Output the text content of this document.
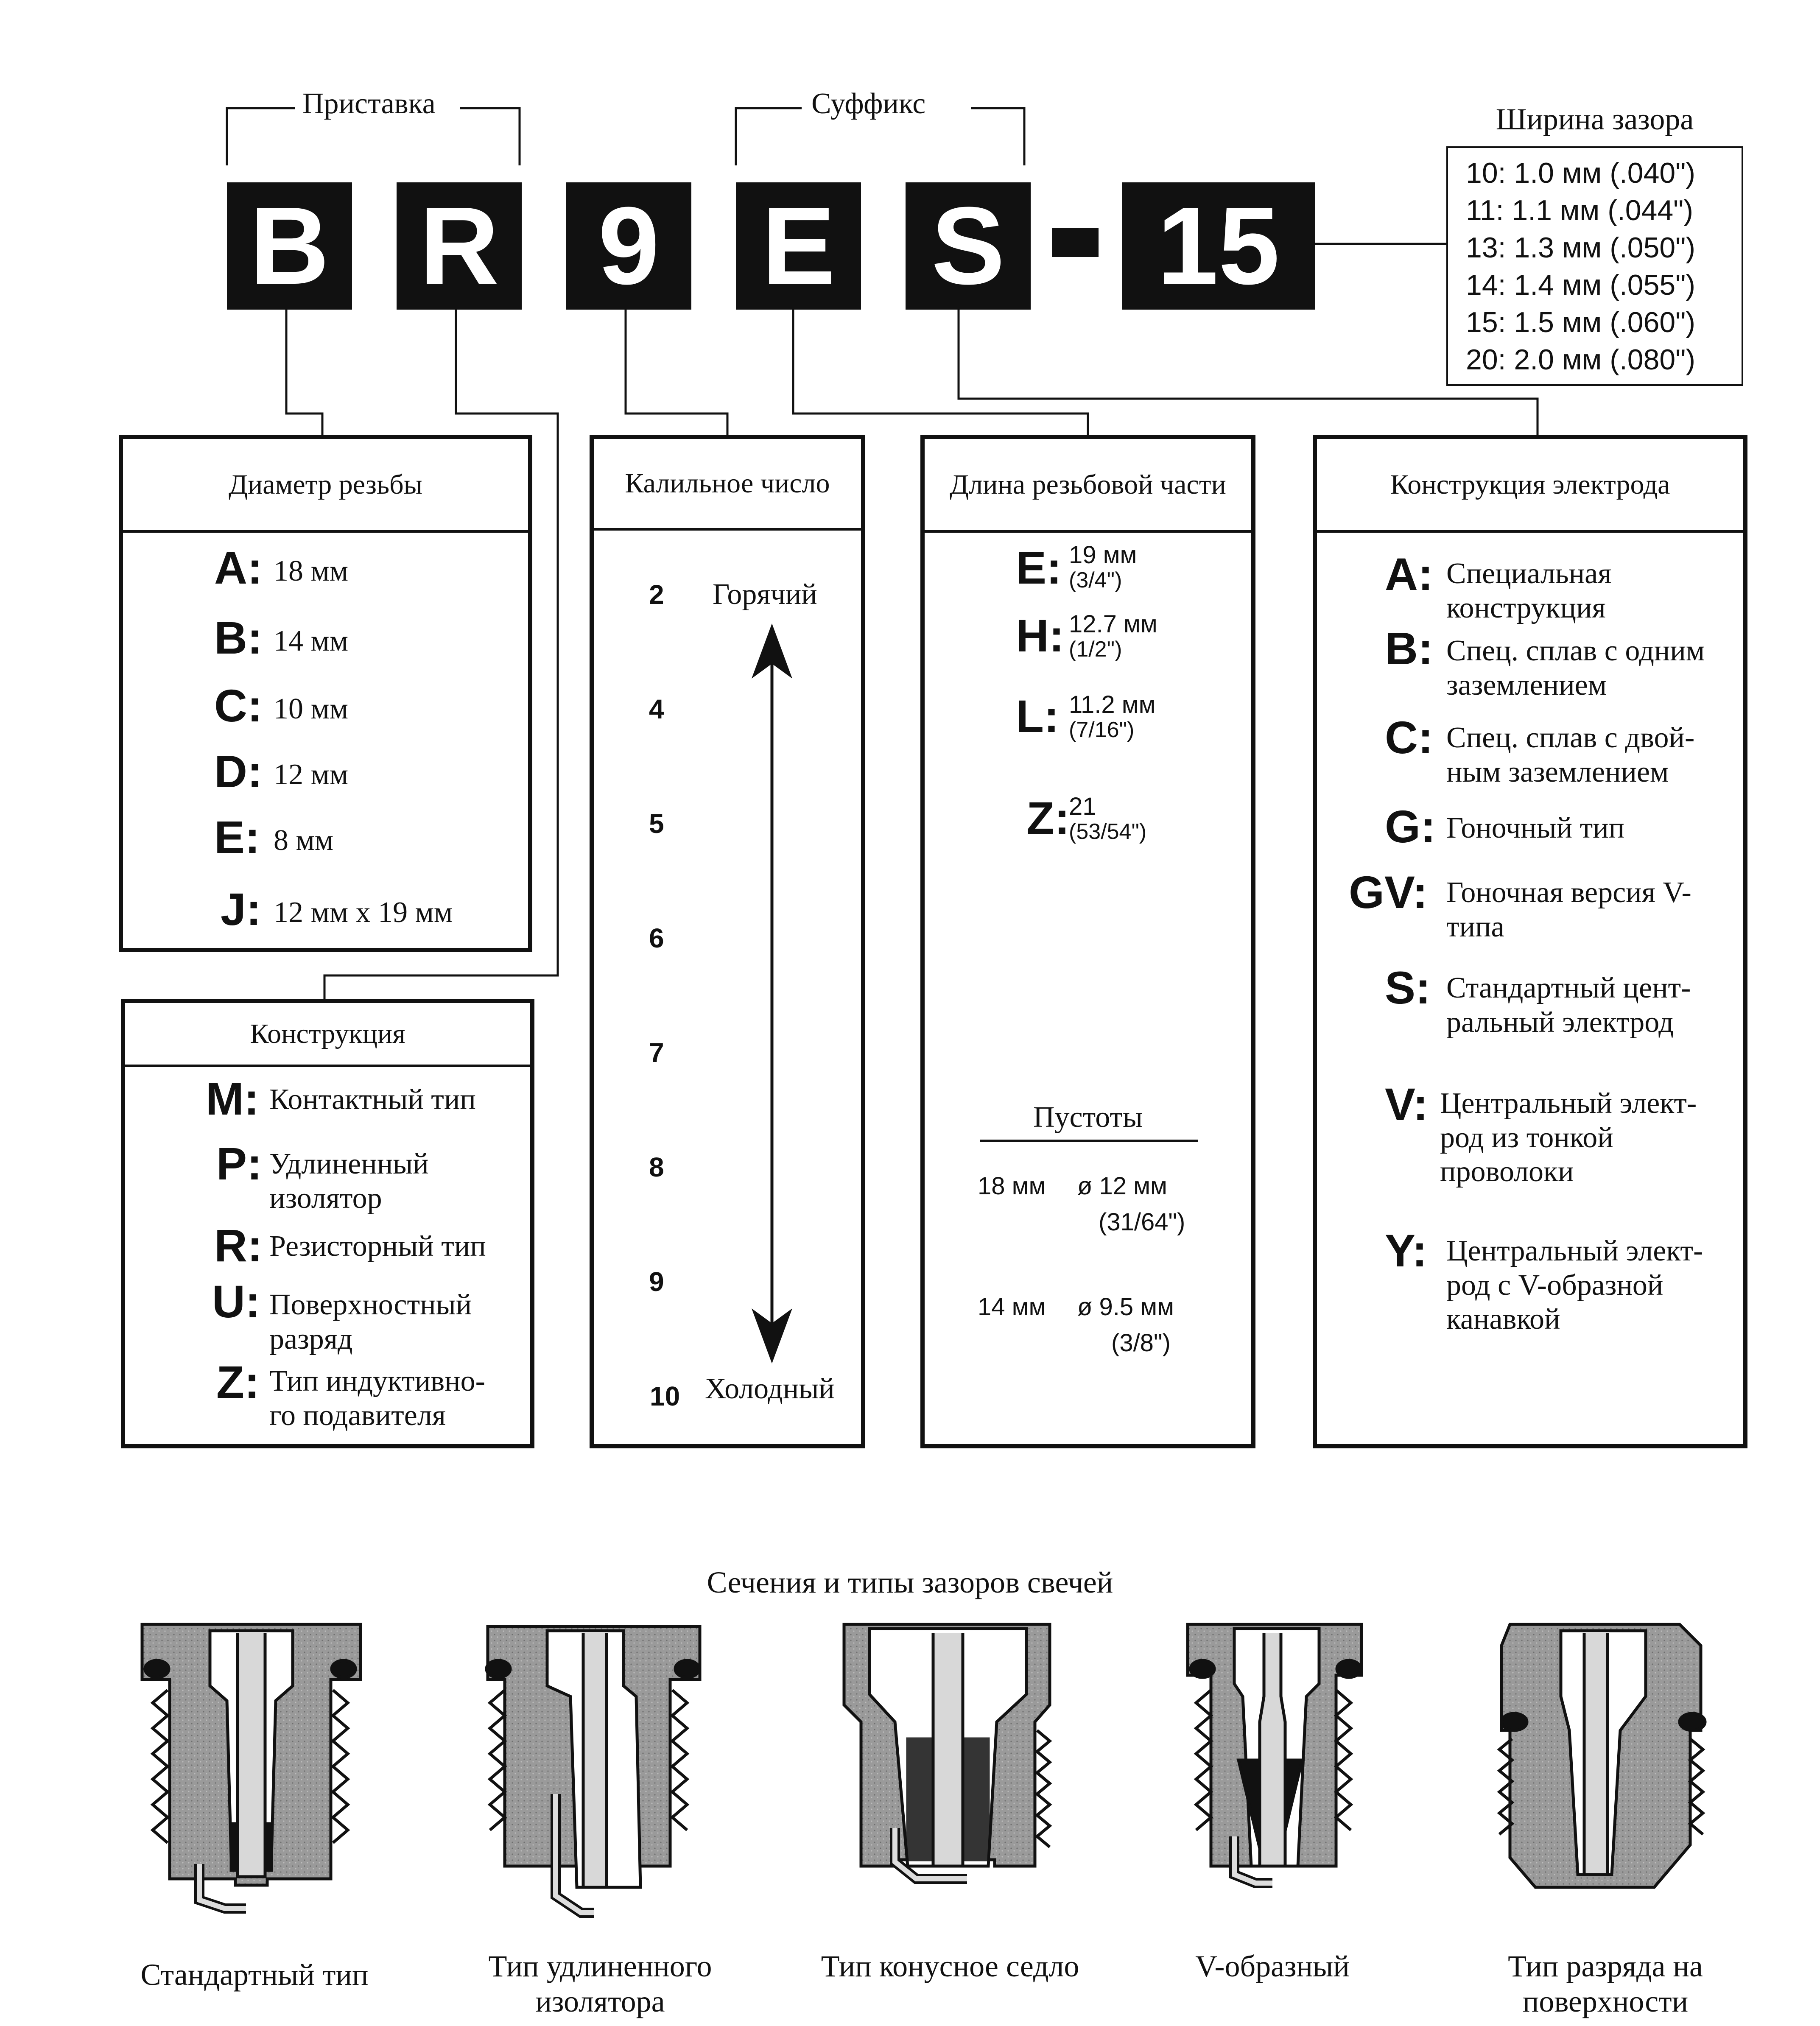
Приставка	Суффикс
B R 9 E S	15
Ширина зазора
10: 1.0 мм (.040")
11: 1.1 мм (.044")
13: 1.3 мм (.050")
14: 1.4 мм (.055")
15: 1.5 мм (.060")
20: 2.0 мм (.080")
Диаметр резьбы
A: 18 мм
B: 14 мм
C: 10 мм
D: 12 мм
E: 8 мм
J: 12 мм х 19 мм
Конструкция
M: Контактный тип
P: Удлиненный изолятор
R: Резисторный тип
U: Поверхностный разряд
Z: Тип индуктивно-го подавителя
Калильное число
2 Горячий
4
5
6
7
8
9
10 Холодный
Длина резьбовой части
E: 19 мм
(3/4")
H: 12.7 мм
(1/2")
L: 11.2 мм
(7/16")
Z:
21
(53/54")
Пустоты
18 мм ø 12 мм
(31/64")
14 мм ø 9.5 мм
(3/8")
Конструкция электрода
A: Специальная конструкция
B: Спец. сплав с одним заземлением
C: Спец. сплав с двой-ным заземлением
G: Гоночный тип
GV: Гоночная версия V-типа
S: Стандартный цент-ральный электрод
V: Центральный элект-род из тонкой проволоки
Y: Центральный элект-род с V-образной канавкой
Сечения и типы зазоров свечей
Стандартный тип	Тип удлиненного изолятора
Тип конусное седло	V-образный	Тип разряда на поверхности
